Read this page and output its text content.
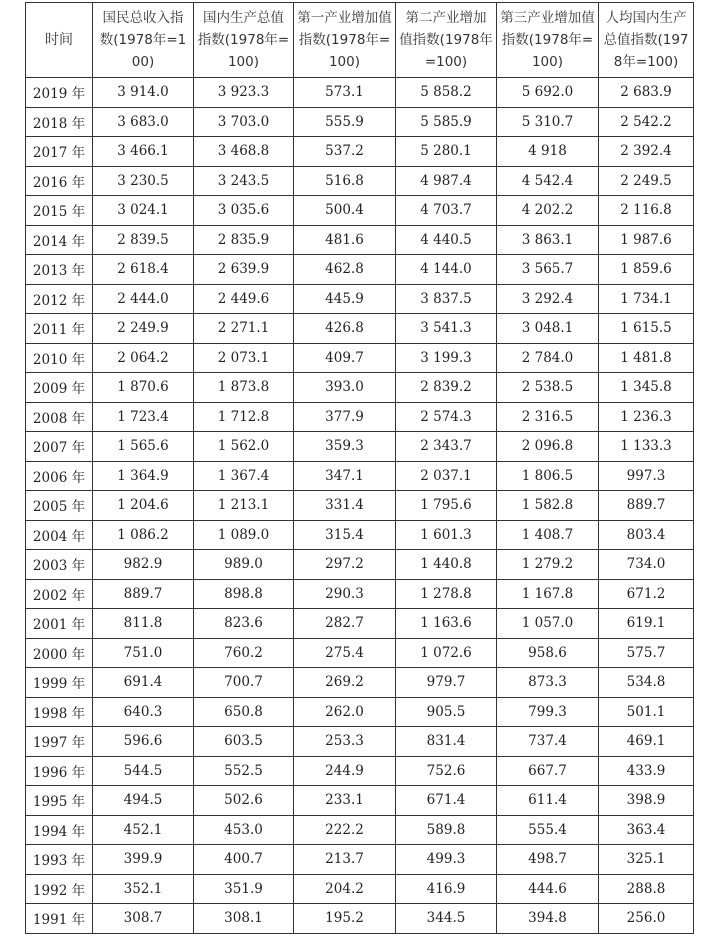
时间	国民总收入指数(1978年=100)	国内生产总值指数(1978年=100)	第一产业增加值指数(1978年=100)	第二产业增加值指数(1978年=100)	第三产业增加值指数(1978年=100)	人均国内生产总值指数(1978年=100)
2019 年	3 914.0	3 923.3	573.1	5 858.2	5 692.0	2 683.9
2018 年	3 683.0	3 703.0	555.9	5 585.9	5 310.7	2 542.2
2017 年	3 466.1	3 468.8	537.2	5 280.1	4 918	2 392.4
2016 年	3 230.5	3 243.5	516.8	4 987.4	4 542.4	2 249.5
2015 年	3 024.1	3 035.6	500.4	4 703.7	4 202.2	2 116.8
2014 年	2 839.5	2 835.9	481.6	4 440.5	3 863.1	1 987.6
2013 年	2 618.4	2 639.9	462.8	4 144.0	3 565.7	1 859.6
2012 年	2 444.0	2 449.6	445.9	3 837.5	3 292.4	1 734.1
2011 年	2 249.9	2 271.1	426.8	3 541.3	3 048.1	1 615.5
2010 年	2 064.2	2 073.1	409.7	3 199.3	2 784.0	1 481.8
2009 年	1 870.6	1 873.8	393.0	2 839.2	2 538.5	1 345.8
2008 年	1 723.4	1 712.8	377.9	2 574.3	2 316.5	1 236.3
2007 年	1 565.6	1 562.0	359.3	2 343.7	2 096.8	1 133.3
2006 年	1 364.9	1 367.4	347.1	2 037.1	1 806.5	997.3
2005 年	1 204.6	1 213.1	331.4	1 795.6	1 582.8	889.7
2004 年	1 086.2	1 089.0	315.4	1 601.3	1 408.7	803.4
2003 年	982.9	989.0	297.2	1 440.8	1 279.2	734.0
2002 年	889.7	898.8	290.3	1 278.8	1 167.8	671.2
2001 年	811.8	823.6	282.7	1 163.6	1 057.0	619.1
2000 年	751.0	760.2	275.4	1 072.6	958.6	575.7
1999 年	691.4	700.7	269.2	979.7	873.3	534.8
1998 年	640.3	650.8	262.0	905.5	799.3	501.1
1997 年	596.6	603.5	253.3	831.4	737.4	469.1
1996 年	544.5	552.5	244.9	752.6	667.7	433.9
1995 年	494.5	502.6	233.1	671.4	611.4	398.9
1994 年	452.1	453.0	222.2	589.8	555.4	363.4
1993 年	399.9	400.7	213.7	499.3	498.7	325.1
1992 年	352.1	351.9	204.2	416.9	444.6	288.8
1991 年	308.7	308.1	195.2	344.5	394.8	256.0
